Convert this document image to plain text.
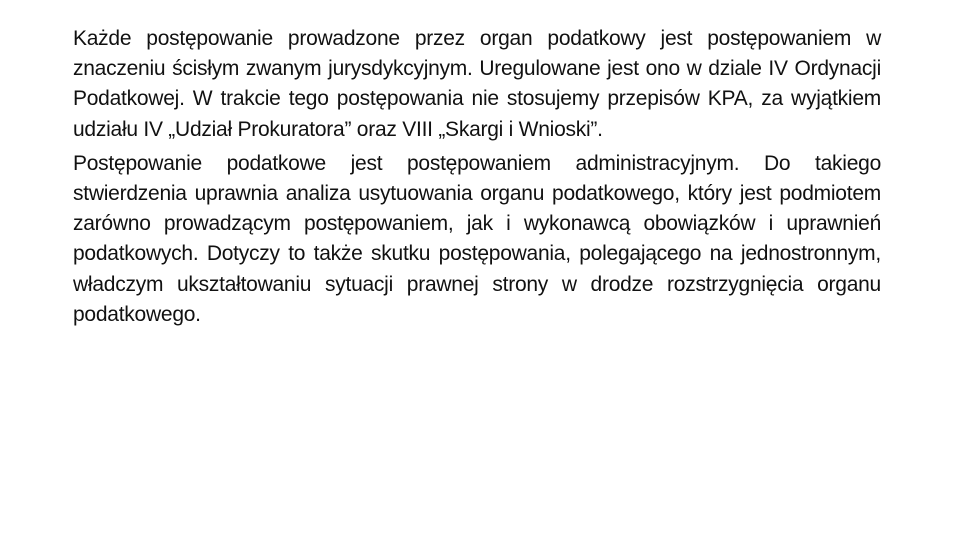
Każde postępowanie prowadzone przez organ podatkowy jest postępowaniem w znaczeniu ścisłym zwanym jurysdykcyjnym. Uregulowane jest ono w dziale IV Ordynacji Podatkowej. W trakcie tego postępowania nie stosujemy przepisów KPA, za wyjątkiem udziału IV „Udział Prokuratora” oraz VIII „Skargi i Wnioski”.

Postępowanie podatkowe jest postępowaniem administracyjnym. Do takiego stwierdzenia uprawnia analiza usytuowania organu podatkowego, który jest podmiotem zarówno prowadzącym postępowaniem, jak i wykonawcą obowiązków i uprawnień podatkowych. Dotyczy to także skutku postępowania, polegającego na jednostronnym, władczym ukształtowaniu sytuacji prawnej strony w drodze rozstrzygnięcia organu podatkowego.
